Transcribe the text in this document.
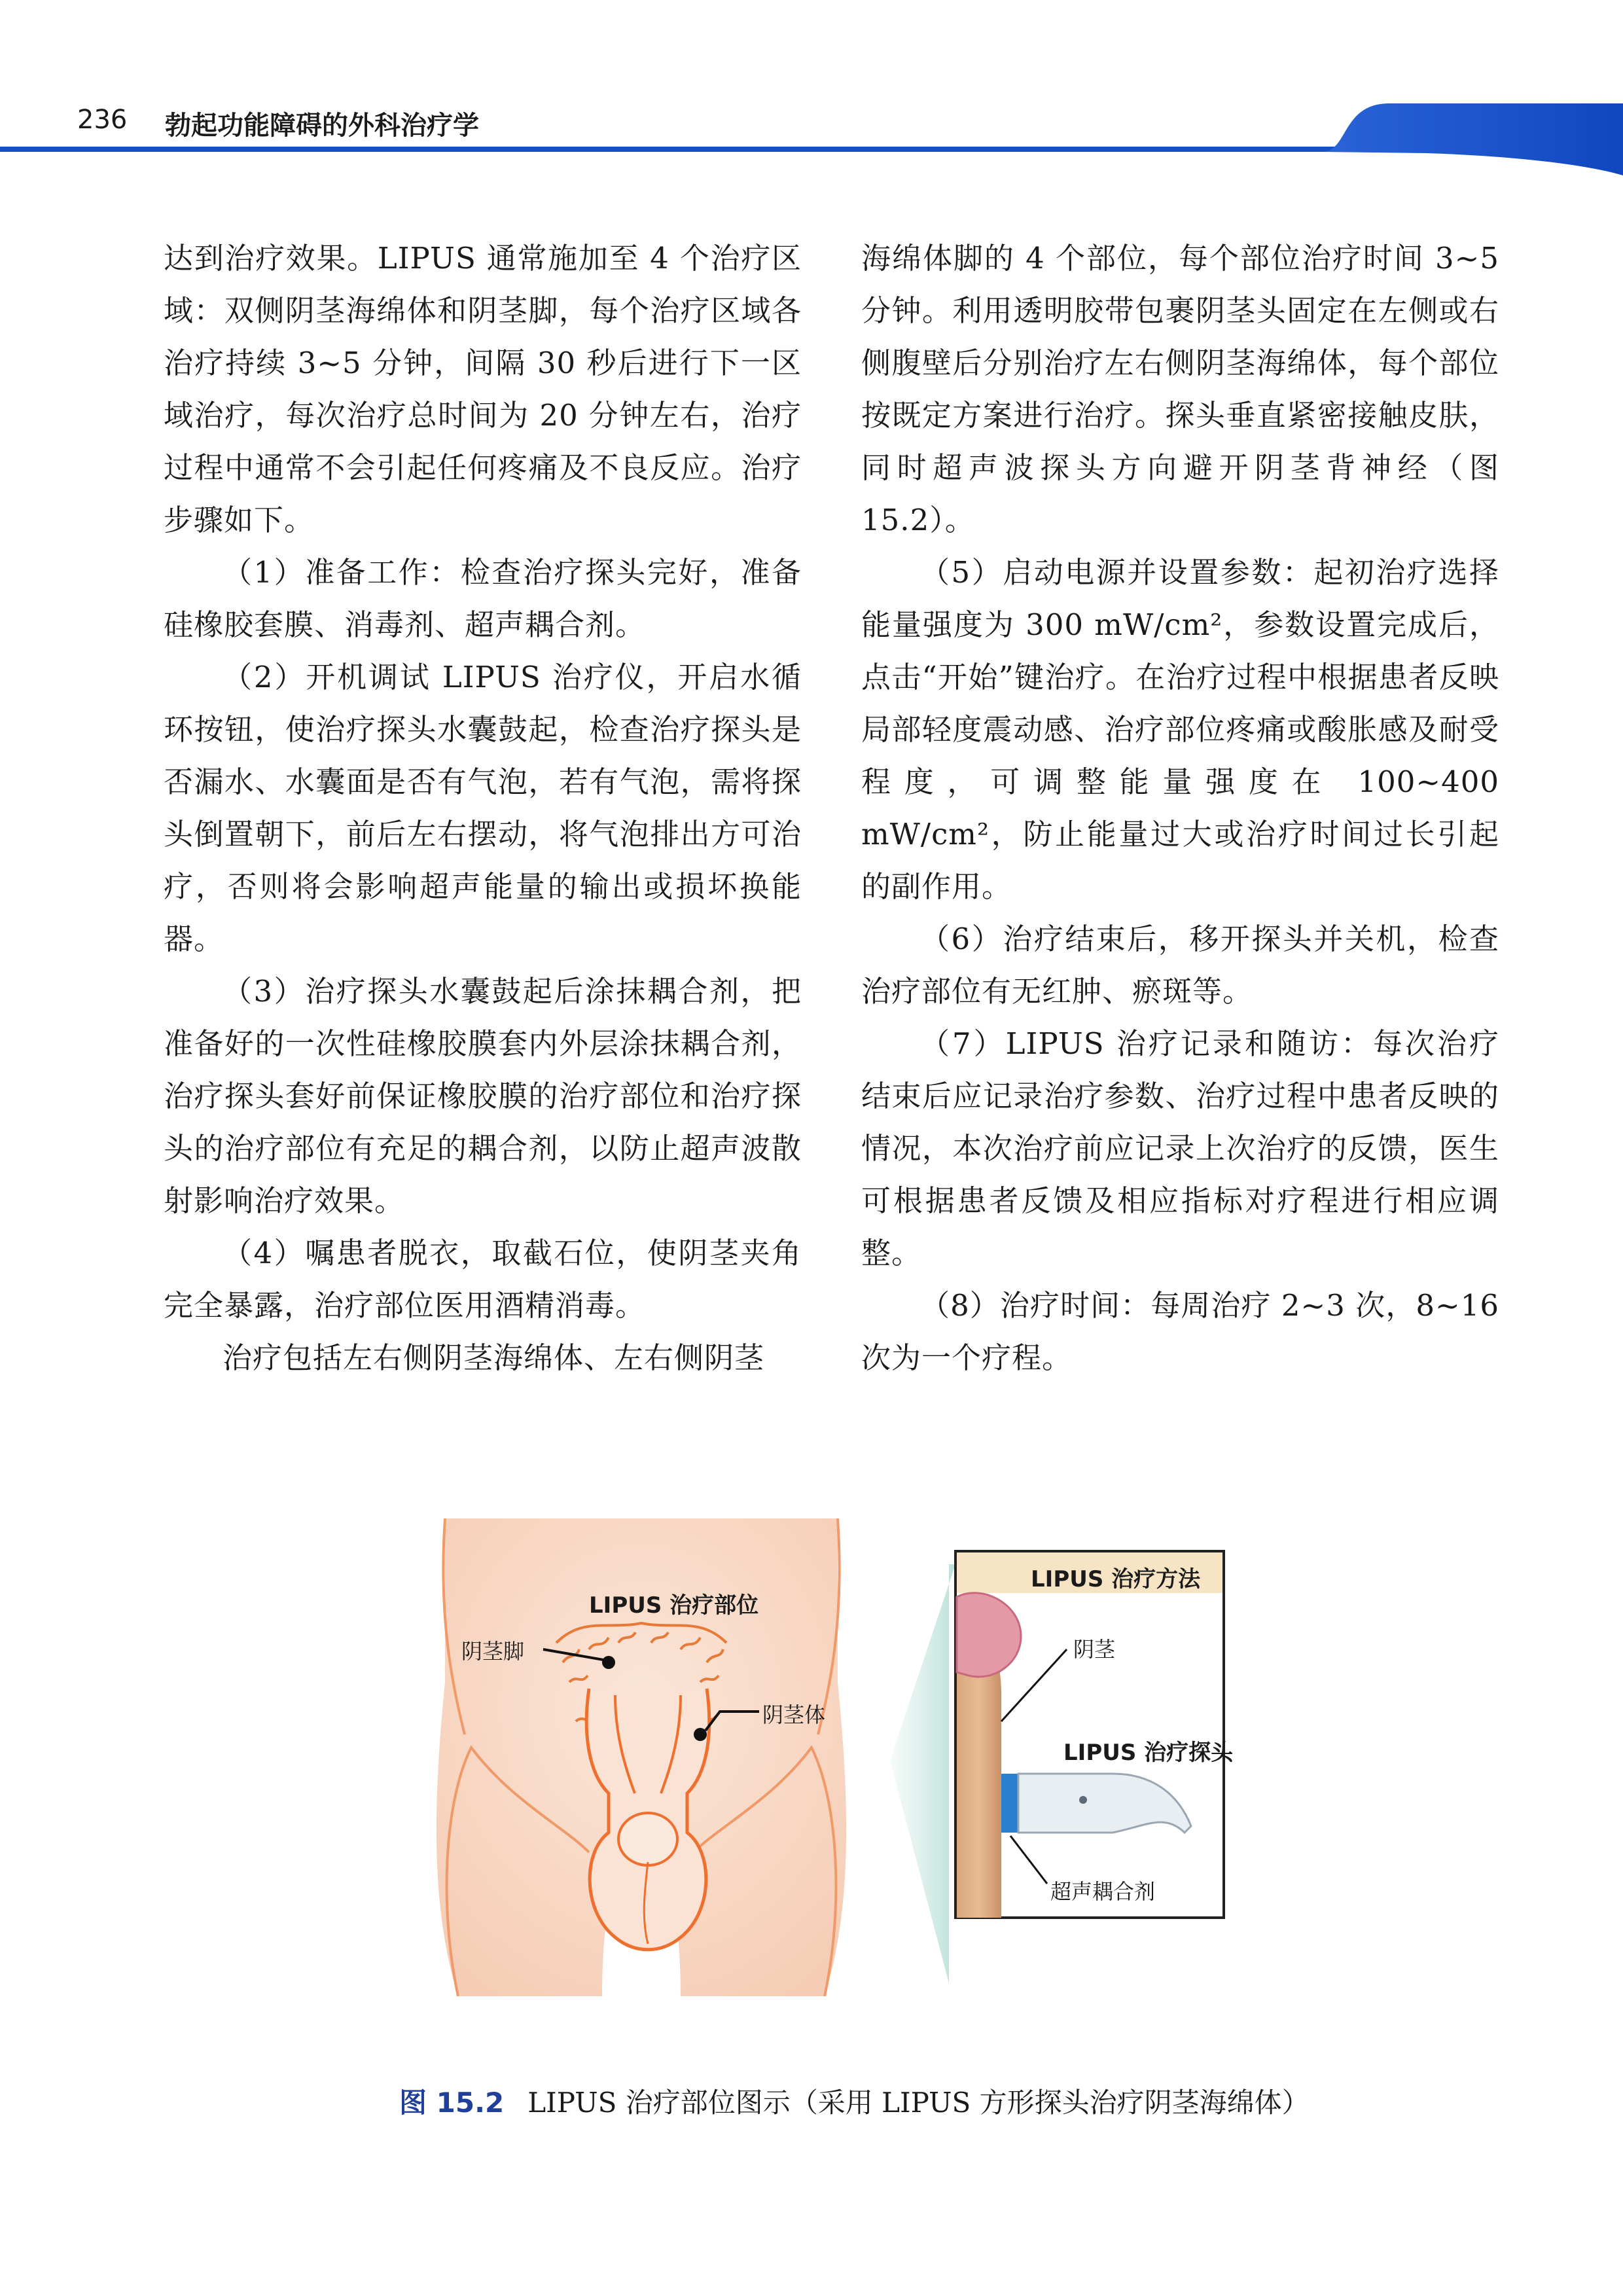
236 勃起功能障碍的外科治疗学

达到治疗效果。LIPUS 通常施加至 4 个治疗区域：双侧阴茎海绵体和阴茎脚，每个治疗区域各治疗持续 3~5 分钟，间隔 30 秒后进行下一区域治疗，每次治疗总时间为 20 分钟左右，治疗过程中通常不会引起任何疼痛及不良反应。治疗步骤如下。

（1）准备工作：检查治疗探头完好，准备硅橡胶套膜、消毒剂、超声耦合剂。

（2）开机调试 LIPUS 治疗仪，开启水循环按钮，使治疗探头水囊鼓起，检查治疗探头是否漏水、水囊面是否有气泡，若有气泡，需将探头倒置朝下，前后左右摆动，将气泡排出方可治疗，否则将会影响超声能量的输出或损坏换能器。

（3）治疗探头水囊鼓起后涂抹耦合剂，把准备好的一次性硅橡胶膜套内外层涂抹耦合剂，治疗探头套好前保证橡胶膜的治疗部位和治疗探头的治疗部位有充足的耦合剂，以防止超声波散射影响治疗效果。

（4）嘱患者脱衣，取截石位，使阴茎夹角完全暴露，治疗部位医用酒精消毒。

治疗包括左右侧阴茎海绵体、左右侧阴茎

海绵体脚的 4 个部位，每个部位治疗时间 3~5 分钟。利用透明胶带包裹阴茎头固定在左侧或右侧腹壁后分别治疗左右侧阴茎海绵体，每个部位按既定方案进行治疗。探头垂直紧密接触皮肤，同时超声波探头方向避开阴茎背神经（图 15.2）。

（5）启动电源并设置参数：起初治疗选择能量强度为 300 mW/cm²，参数设置完成后，点击“开始”键治疗。在治疗过程中根据患者反映局部轻度震动感、治疗部位疼痛或酸胀感及耐受程度，可调整能量强度在 100~400 mW/cm²，防止能量过大或治疗时间过长引起的副作用。

（6）治疗结束后，移开探头并关机，检查治疗部位有无红肿、瘀斑等。

（7）LIPUS 治疗记录和随访：每次治疗结束后应记录治疗参数、治疗过程中患者反映的情况，本次治疗前应记录上次治疗的反馈，医生可根据患者反馈及相应指标对疗程进行相应调整。

（8）治疗时间：每周治疗 2~3 次，8~16 次为一个疗程。

LIPUS 治疗部位
阴茎脚
阴茎体
LIPUS 治疗方法
阴茎
LIPUS 治疗探头
超声耦合剂
图 15.2 LIPUS 治疗部位图示（采用 LIPUS 方形探头治疗阴茎海绵体）
